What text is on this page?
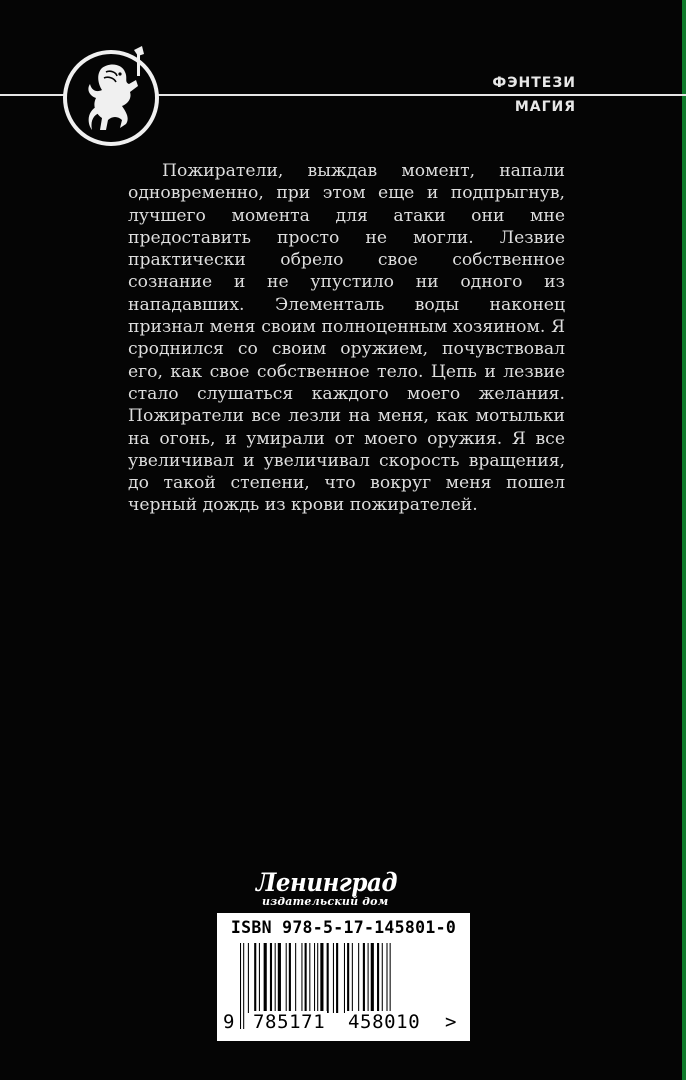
ФЭНТЕЗИ
МАГИЯ

Пожиратели, выждав момент, напали одновременно, при этом еще и подпрыгнув, лучшего момента для атаки они мне предоставить просто не могли. Лезвие практически обрело свое собственное сознание и не упустило ни одного из нападавших. Элементаль воды наконец признал меня своим полноценным хозяином. Я сроднился со своим оружием, почувствовал его, как свое собственное тело. Цепь и лезвие стало слушаться каждого моего желания. Пожиратели все лезли на меня, как мотыльки на огонь, и умирали от моего оружия. Я все увеличивал и увеличивал скорость вращения, до такой степени, что вокруг меня пошел черный дождь из крови пожирателей.

Ленинград
издательский дом
ISBN 978-5-17-145801-0
9 785171 458010 >
